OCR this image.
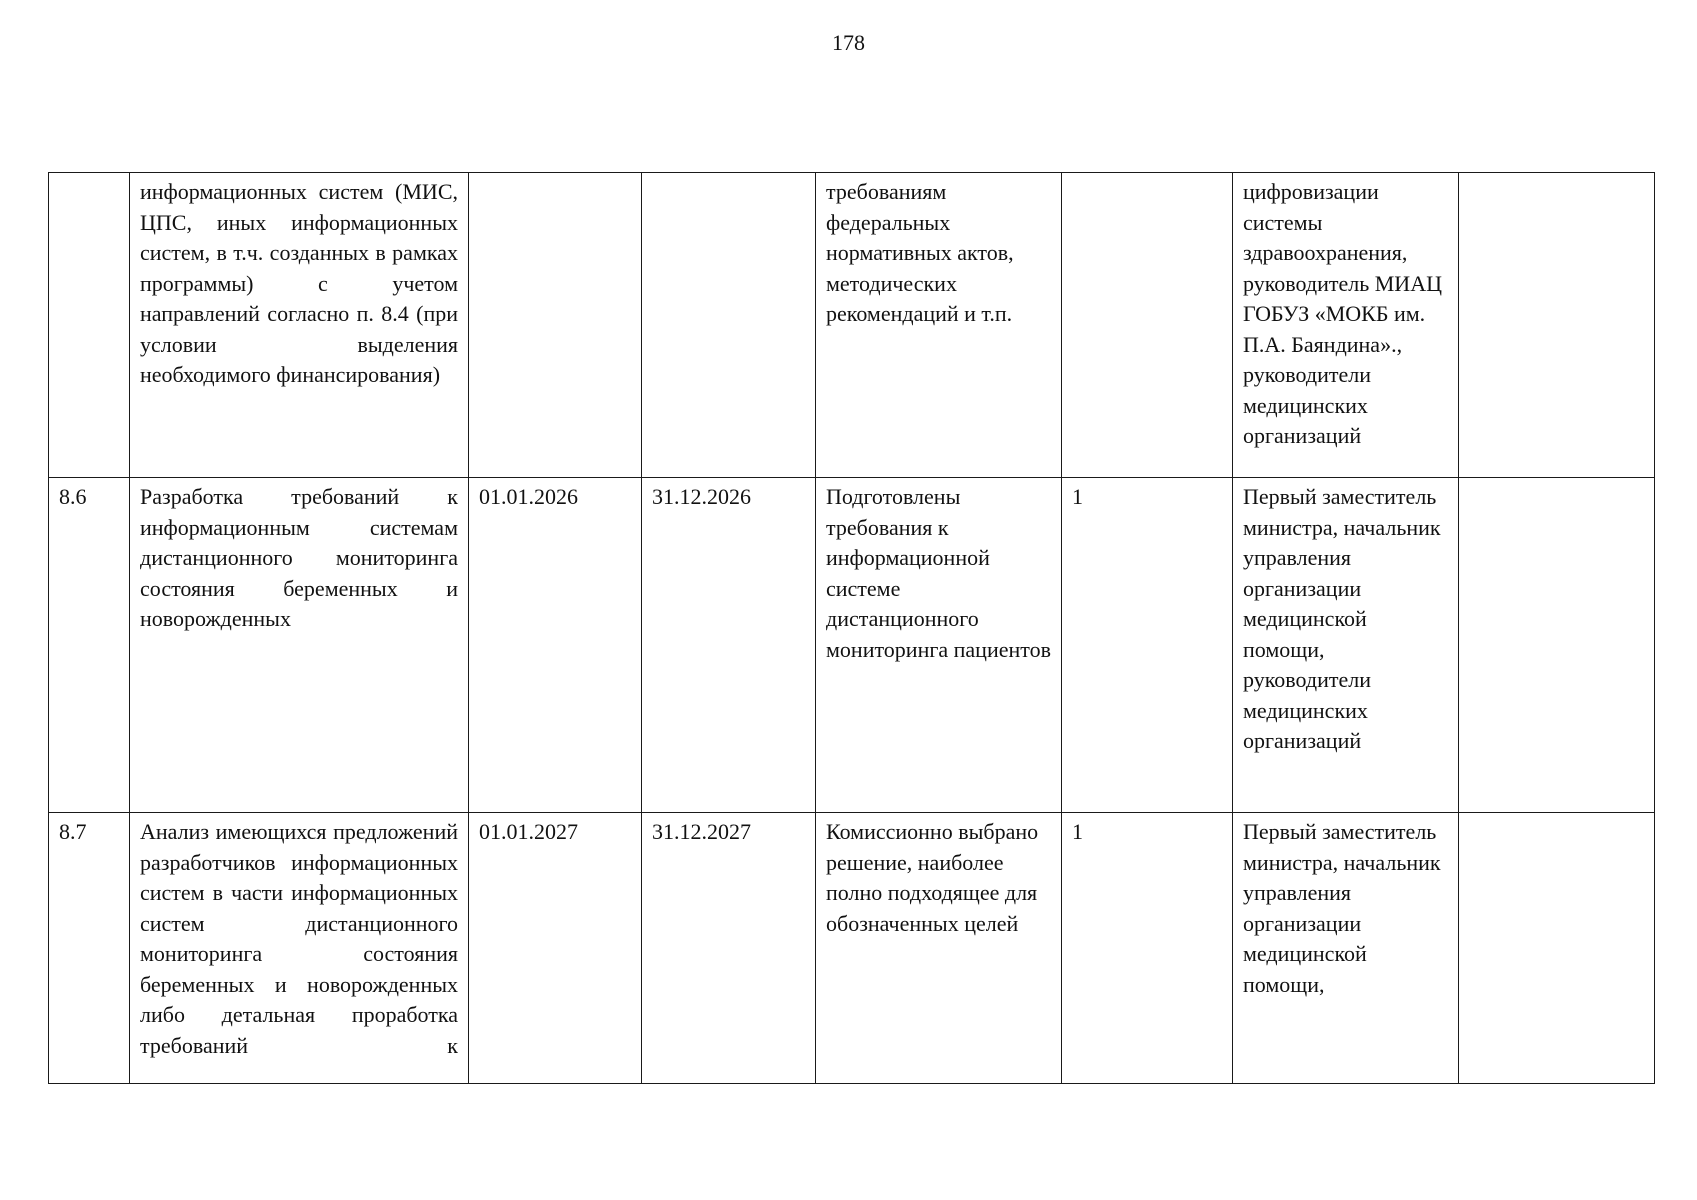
178
	информационных систем (МИС, ЦПС, иных информационных систем, в т.ч. созданных в рамках программы) с учетом направлений согласно п. 8.4 (при условии выделения необходимого финансирования)			требованиям федеральных нормативных актов, методических рекомендаций и т.п.		цифровизации системы здравоохранения, руководитель МИАЦ ГОБУЗ «МОКБ им. П.А. Баяндина»., руководители медицинских организаций	
8.6	Разработка требований к информационным системам дистанционного мониторинга состояния беременных и новорожденных	01.01.2026	31.12.2026	Подготовлены требования к информационной системе дистанционного мониторинга пациентов	1	Первый заместитель министра, начальник управления организации медицинской помощи, руководители медицинских организаций	
8.7	Анализ имеющихся предложений разработчиков информационных систем в части информационных систем дистанционного мониторинга состояния беременных и новорожденных либо детальная проработка требований к	01.01.2027	31.12.2027	Комиссионно выбрано решение, наиболее полно подходящее для обозначенных целей	1	Первый заместитель министра, начальник управления организации медицинской помощи,	
